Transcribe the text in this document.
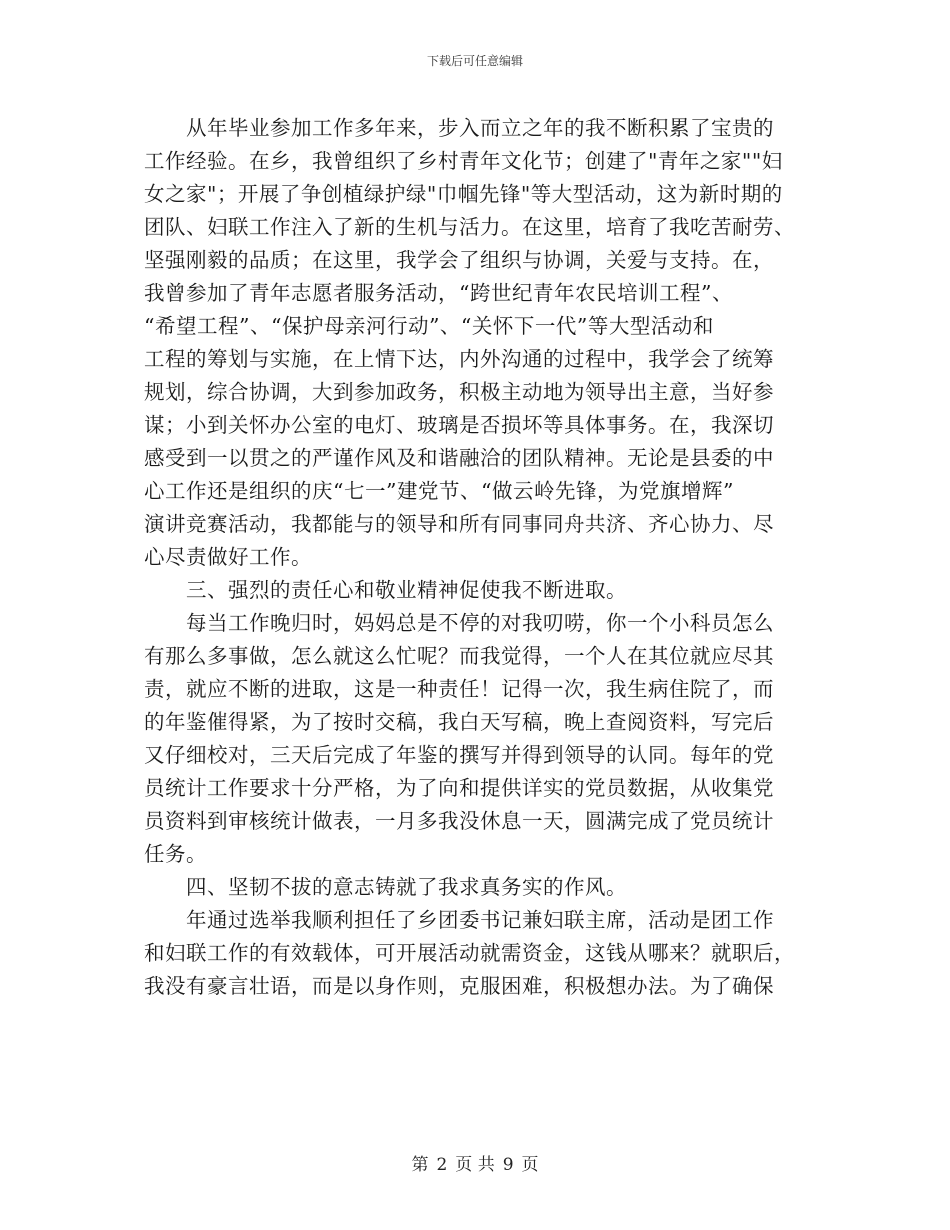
下载后可任意编辑
从年毕业参加工作多年来，步入而立之年的我不断积累了宝贵的
工作经验。在乡，我曾组织了乡村青年文化节；创建了"青年之家""妇
女之家"；开展了争创植绿护绿"巾帼先锋"等大型活动，这为新时期的
团队、妇联工作注入了新的生机与活力。在这里，培育了我吃苦耐劳、
坚强刚毅的品质；在这里，我学会了组织与协调，关爱与支持。在，
我曾参加了青年志愿者服务活动，“跨世纪青年农民培训工程”、
“希望工程”、“保护母亲河行动”、“关怀下一代”等大型活动和
工程的筹划与实施，在上情下达，内外沟通的过程中，我学会了统筹
规划，综合协调，大到参加政务，积极主动地为领导出主意，当好参
谋；小到关怀办公室的电灯、玻璃是否损坏等具体事务。在，我深切
感受到一以贯之的严谨作风及和谐融洽的团队精神。无论是县委的中
心工作还是组织的庆“七一”建党节、“做云岭先锋，为党旗增辉”
演讲竞赛活动，我都能与的领导和所有同事同舟共济、齐心协力、尽
心尽责做好工作。
三、强烈的责任心和敬业精神促使我不断进取。
每当工作晚归时，妈妈总是不停的对我叨唠，你一个小科员怎么
有那么多事做，怎么就这么忙呢？而我觉得，一个人在其位就应尽其
责，就应不断的进取，这是一种责任！记得一次，我生病住院了，而
的年鉴催得紧，为了按时交稿，我白天写稿，晚上查阅资料，写完后
又仔细校对，三天后完成了年鉴的撰写并得到领导的认同。每年的党
员统计工作要求十分严格，为了向和提供详实的党员数据，从收集党
员资料到审核统计做表，一月多我没休息一天，圆满完成了党员统计
任务。
四、坚韧不拔的意志铸就了我求真务实的作风。
年通过选举我顺利担任了乡团委书记兼妇联主席，活动是团工作
和妇联工作的有效载体，可开展活动就需资金，这钱从哪来？就职后，
我没有豪言壮语，而是以身作则，克服困难，积极想办法。为了确保
第 2 页 共 9 页
